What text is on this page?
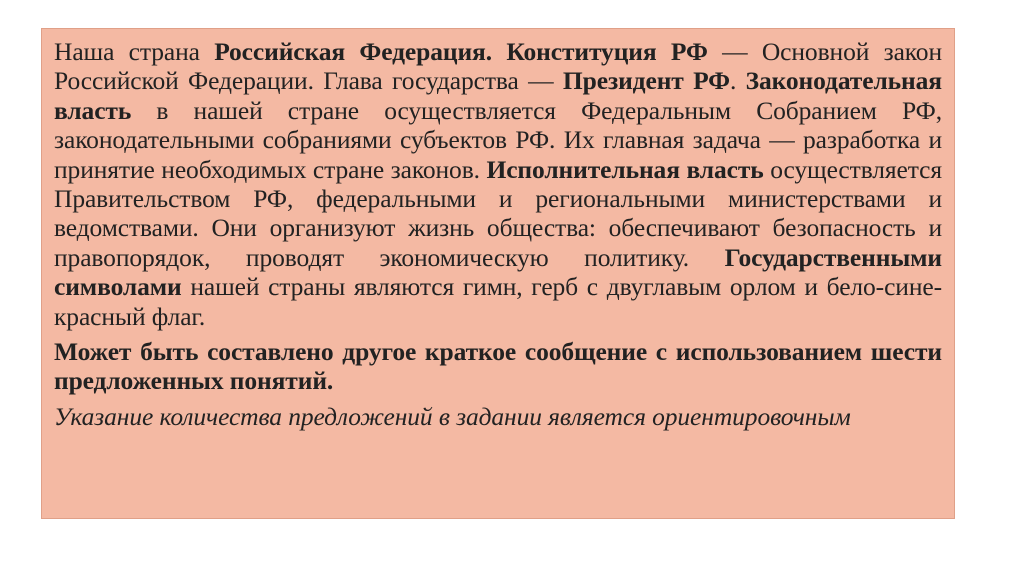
Наша страна Российская Федерация. Конституция РФ — Основной закон Российской Федерации. Глава государства — Президент РФ. Законодательная власть в нашей стране осуществляется Федеральным Собранием РФ, законодательными собраниями субъектов РФ. Их главная задача — разработка и принятие необходимых стране законов. Исполнительная власть осуществляется Правительством РФ, федеральными и региональными министерствами и ведомствами. Они организуют жизнь общества: обеспечивают безопасность и правопорядок, проводят экономическую политику. Государственными символами нашей страны являются гимн, герб с двуглавым орлом и бело-сине-красный флаг.

Может быть составлено другое краткое сообщение с использованием шести предложенных понятий.

Указание количества предложений в задании является ориентировочным
